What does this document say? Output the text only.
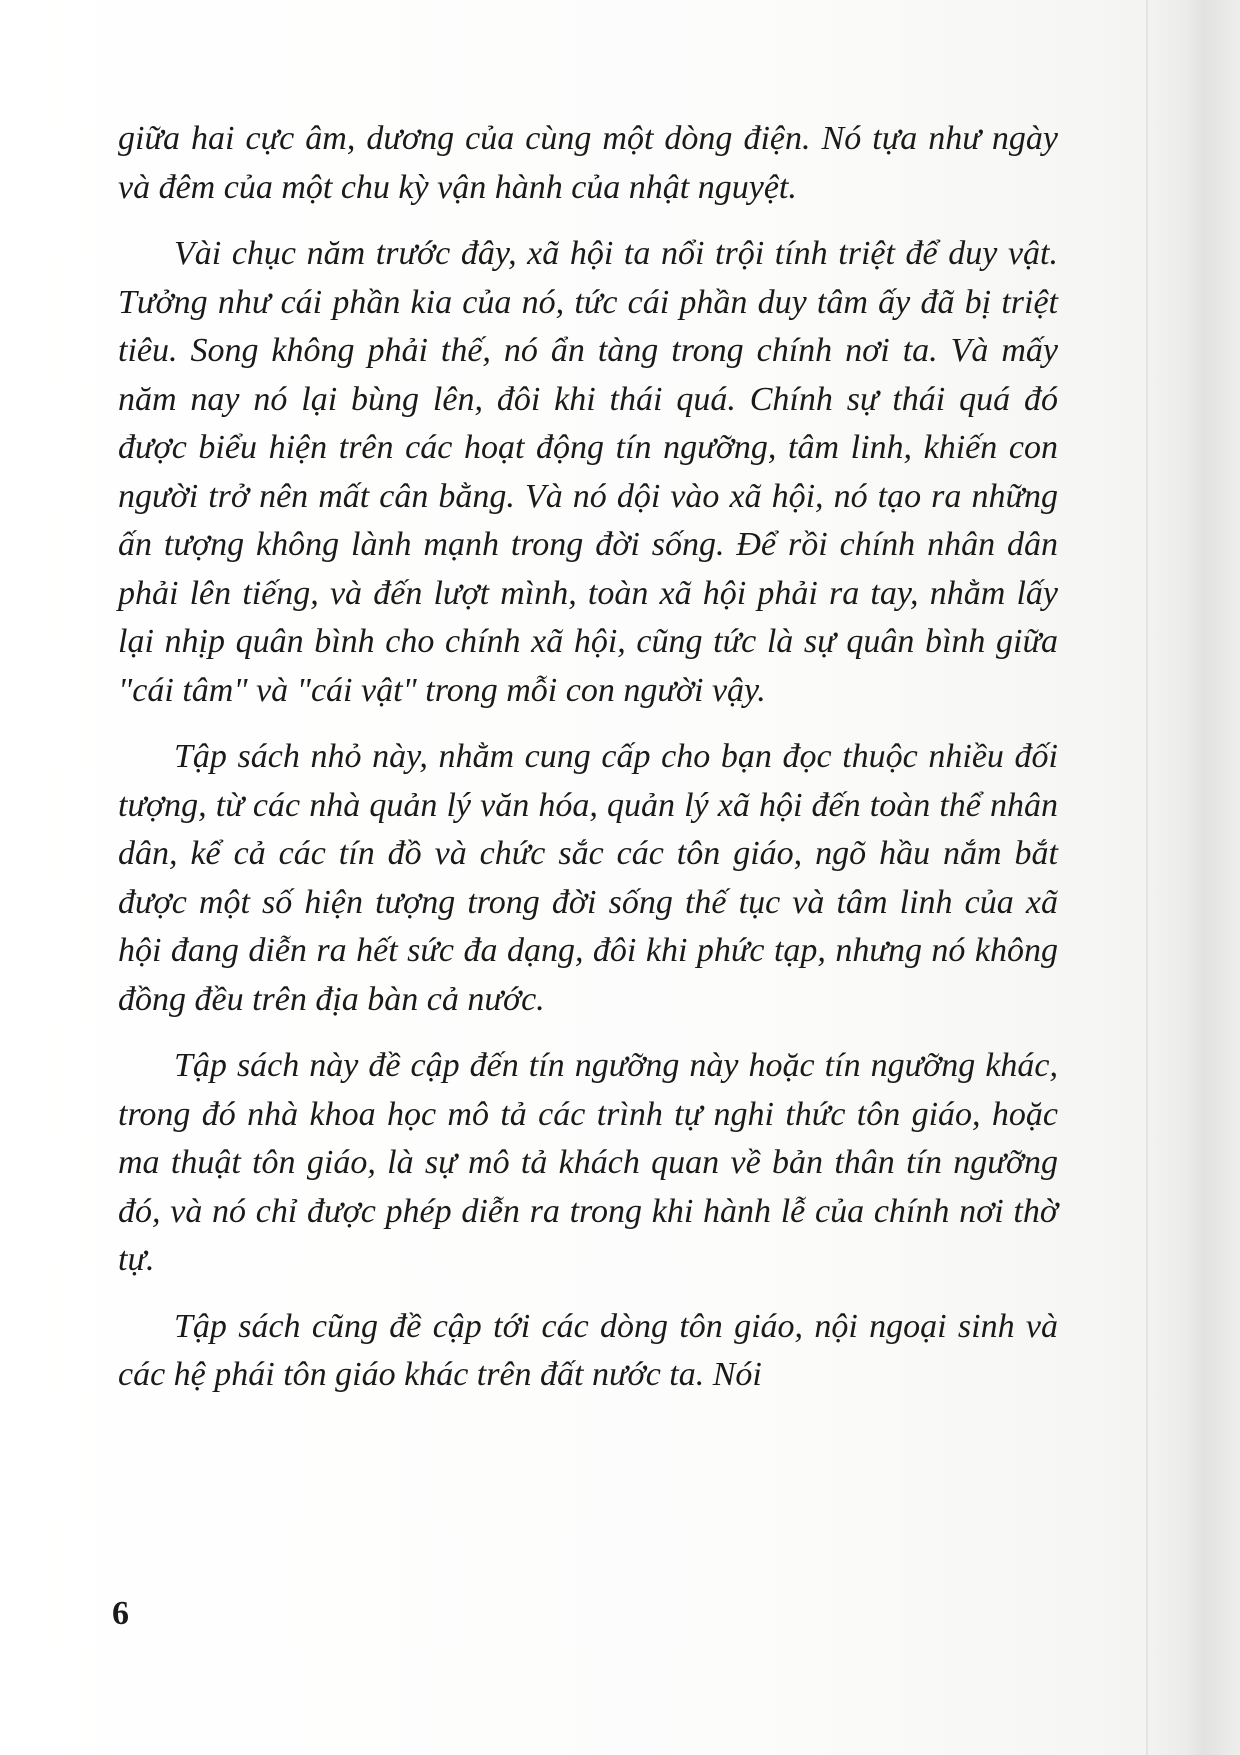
giữa hai cực âm, dương của cùng một dòng điện. Nó tựa như ngày và đêm của một chu kỳ vận hành của nhật nguyệt.

Vài chục năm trước đây, xã hội ta nổi trội tính triệt để duy vật. Tưởng như cái phần kia của nó, tức cái phần duy tâm ấy đã bị triệt tiêu. Song không phải thế, nó ẩn tàng trong chính nơi ta. Và mấy năm nay nó lại bùng lên, đôi khi thái quá. Chính sự thái quá đó được biểu hiện trên các hoạt động tín ngưỡng, tâm linh, khiến con người trở nên mất cân bằng. Và nó dội vào xã hội, nó tạo ra những ấn tượng không lành mạnh trong đời sống. Để rồi chính nhân dân phải lên tiếng, và đến lượt mình, toàn xã hội phải ra tay, nhằm lấy lại nhịp quân bình cho chính xã hội, cũng tức là sự quân bình giữa "cái tâm" và "cái vật" trong mỗi con người vậy.

Tập sách nhỏ này, nhằm cung cấp cho bạn đọc thuộc nhiều đối tượng, từ các nhà quản lý văn hóa, quản lý xã hội đến toàn thể nhân dân, kể cả các tín đồ và chức sắc các tôn giáo, ngõ hầu nắm bắt được một số hiện tượng trong đời sống thế tục và tâm linh của xã hội đang diễn ra hết sức đa dạng, đôi khi phức tạp, nhưng nó không đồng đều trên địa bàn cả nước.

Tập sách này đề cập đến tín ngưỡng này hoặc tín ngưỡng khác, trong đó nhà khoa học mô tả các trình tự nghi thức tôn giáo, hoặc ma thuật tôn giáo, là sự mô tả khách quan về bản thân tín ngưỡng đó, và nó chỉ được phép diễn ra trong khi hành lễ của chính nơi thờ tự.

Tập sách cũng đề cập tới các dòng tôn giáo, nội ngoại sinh và các hệ phái tôn giáo khác trên đất nước ta. Nói

6
